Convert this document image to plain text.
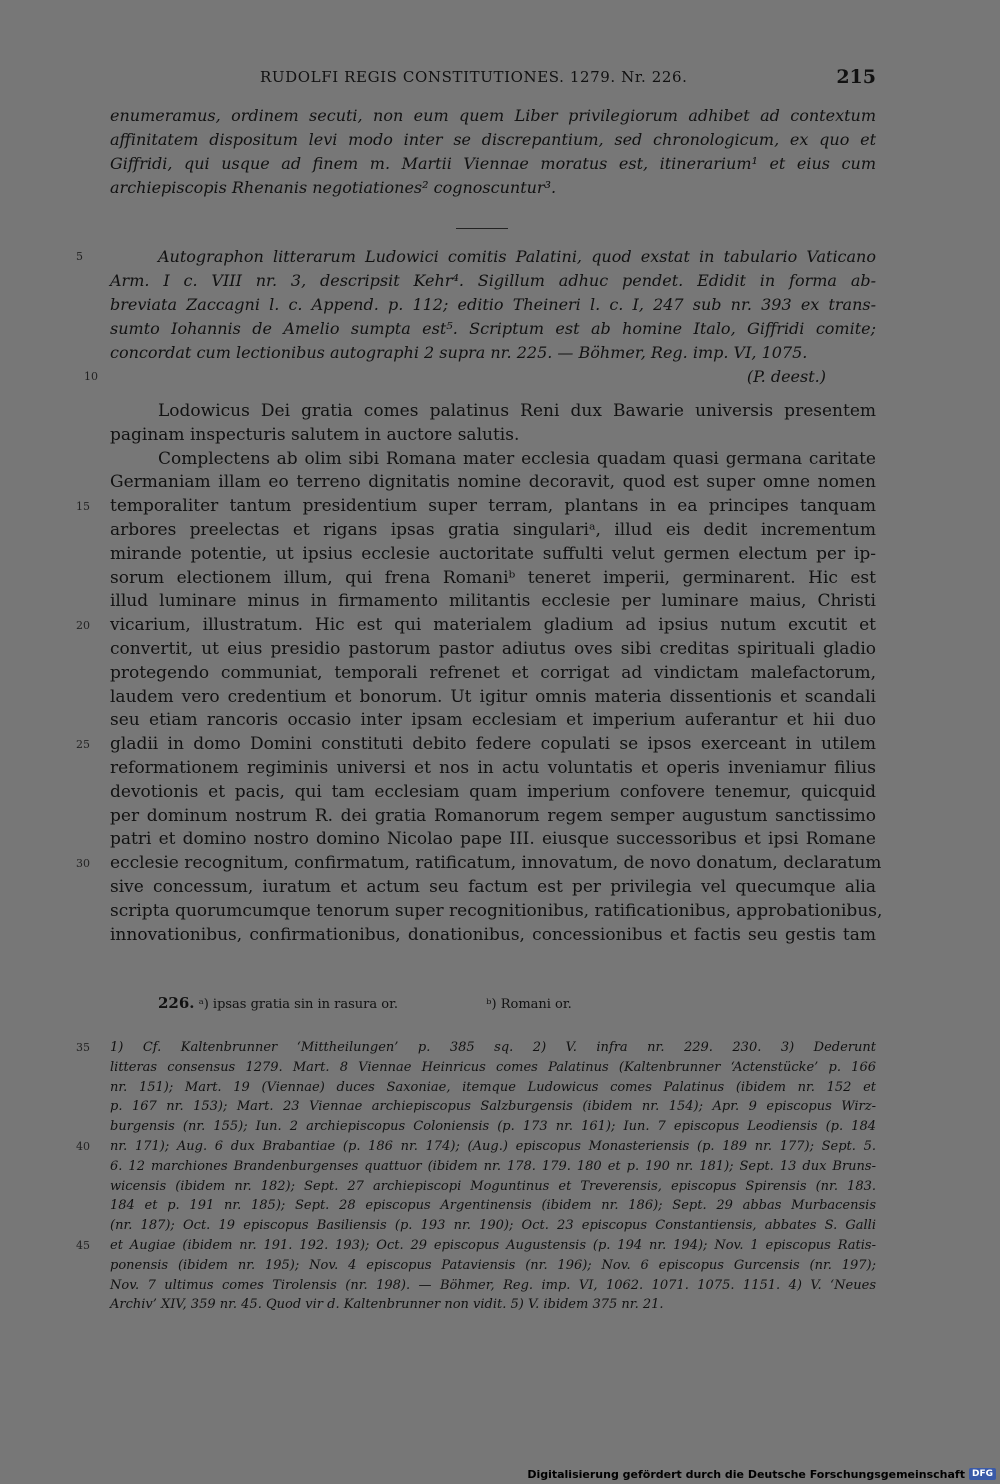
RUDOLFI REGIS CONSTITUTIONES. 1279. Nr. 226.	215
enumeramus, ordinem secuti, non eum quem Liber privilegiorum adhibet ad contextum
affinitatem dispositum levi modo inter se discrepantium, sed chronologicum, ex quo et
Giffridi, qui usque ad finem m. Martii Viennae moratus est, itinerarium¹ et eius cum
archiepiscopis Rhenanis negotiationes² cognoscuntur³.
5	Autographon litterarum Ludowici comitis Palatini, quod exstat in tabulario Vaticano
Arm. I c. VIII nr. 3, descripsit Kehr⁴. Sigillum adhuc pendet. Edidit in forma ab-
breviata Zaccagni l. c. Append. p. 112; editio Theineri l. c. I, 247 sub nr. 393 ex trans-
sumto Iohannis de Amelio sumpta est⁵. Scriptum est ab homine Italo, Giffridi comite;
concordat cum lectionibus autographi 2 supra nr. 225. — Böhmer, Reg. imp. VI, 1075.
10	(P. deest.)
Lodowicus Dei gratia comes palatinus Reni dux Bawarie universis presentem
paginam inspecturis salutem in auctore salutis.
Complectens ab olim sibi Romana mater ecclesia quadam quasi germana caritate
Germaniam illam eo terreno dignitatis nomine decoravit, quod est super omne nomen
15	temporaliter tantum presidentium super terram, plantans in ea principes tanquam
arbores preelectas et rigans ipsas gratia singulariᵃ, illud eis dedit incrementum
mirande potentie, ut ipsius ecclesie auctoritate suffulti velut germen electum per ip-
sorum electionem illum, qui frena Romaniᵇ teneret imperii, germinarent. Hic est
illud luminare minus in firmamento militantis ecclesie per luminare maius, Christi
20	vicarium, illustratum. Hic est qui materialem gladium ad ipsius nutum excutit et
convertit, ut eius presidio pastorum pastor adiutus oves sibi creditas spirituali gladio
protegendo communiat, temporali refrenet et corrigat ad vindictam malefactorum,
laudem vero credentium et bonorum. Ut igitur omnis materia dissentionis et scandali
seu etiam rancoris occasio inter ipsam ecclesiam et imperium auferantur et hii duo
25	gladii in domo Domini constituti debito federe copulati se ipsos exerceant in utilem
reformationem regiminis universi et nos in actu voluntatis et operis inveniamur filius
devotionis et pacis, qui tam ecclesiam quam imperium confovere tenemur, quicquid
per dominum nostrum R. dei gratia Romanorum regem semper augustum sanctissimo
patri et domino nostro domino Nicolao pape III. eiusque successoribus et ipsi Romane
30	ecclesie recognitum, confirmatum, ratificatum, innovatum, de novo donatum, declaratum
sive concessum, iuratum et actum seu factum est per privilegia vel quecumque alia
scripta quorumcumque tenorum super recognitionibus, ratificationibus, approbationibus,
innovationibus, confirmationibus, donationibus, concessionibus et factis seu gestis tam
226. ᵃ) ipsas gratia sin in rasura or.	ᵇ) Romani or.
35	1) Cf. Kaltenbrunner ‘Mittheilungen’ p. 385 sq. 2) V. infra nr. 229. 230. 3) Dederunt
litteras consensus 1279. Mart. 8 Viennae Heinricus comes Palatinus (Kaltenbrunner ‘Actenstücke’ p. 166
nr. 151); Mart. 19 (Viennae) duces Saxoniae, itemque Ludowicus comes Palatinus (ibidem nr. 152 et
p. 167 nr. 153); Mart. 23 Viennae archiepiscopus Salzburgensis (ibidem nr. 154); Apr. 9 episcopus Wirz-
burgensis (nr. 155); Iun. 2 archiepiscopus Coloniensis (p. 173 nr. 161); Iun. 7 episcopus Leodiensis (p. 184
40	nr. 171); Aug. 6 dux Brabantiae (p. 186 nr. 174); (Aug.) episcopus Monasteriensis (p. 189 nr. 177); Sept. 5.
6. 12 marchiones Brandenburgenses quattuor (ibidem nr. 178. 179. 180 et p. 190 nr. 181); Sept. 13 dux Bruns-
wicensis (ibidem nr. 182); Sept. 27 archiepiscopi Moguntinus et Treverensis, episcopus Spirensis (nr. 183.
184 et p. 191 nr. 185); Sept. 28 episcopus Argentinensis (ibidem nr. 186); Sept. 29 abbas Murbacensis
(nr. 187); Oct. 19 episcopus Basiliensis (p. 193 nr. 190); Oct. 23 episcopus Constantiensis, abbates S. Galli
45	et Augiae (ibidem nr. 191. 192. 193); Oct. 29 episcopus Augustensis (p. 194 nr. 194); Nov. 1 episcopus Ratis-
ponensis (ibidem nr. 195); Nov. 4 episcopus Pataviensis (nr. 196); Nov. 6 episcopus Gurcensis (nr. 197);
Nov. 7 ultimus comes Tirolensis (nr. 198). — Böhmer, Reg. imp. VI, 1062. 1071. 1075. 1151. 4) V. ‘Neues
Archiv’ XIV, 359 nr. 45. Quod vir d. Kaltenbrunner non vidit. 5) V. ibidem 375 nr. 21.
Digitalisierung gefördert durch die Deutsche Forschungsgemeinschaft DFG
